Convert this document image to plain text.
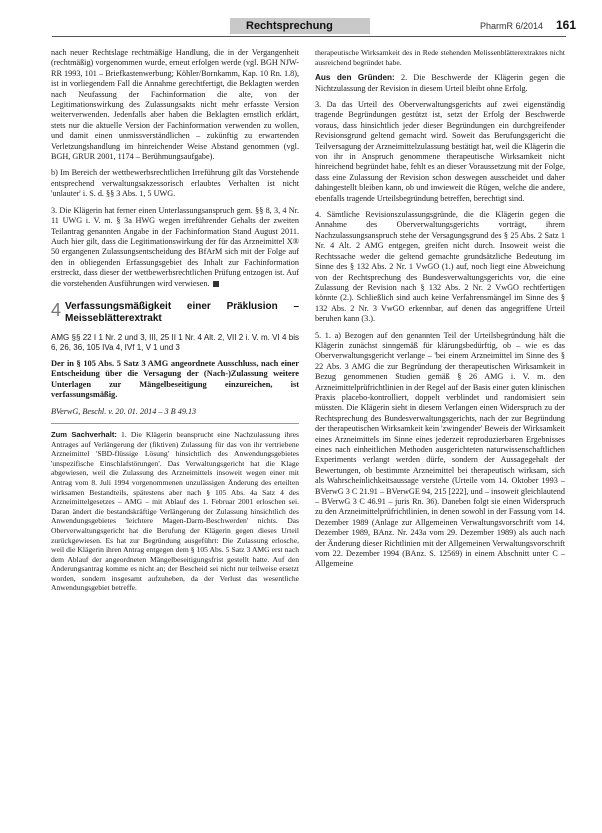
Rechtsprechung	PharmR 6/2014 161

nach neuer Rechtslage rechtmäßige Handlung, die in der Vergangenheit (rechtmäßig) vorgenommen wurde, erneut erfolgen werde (vgl. BGH NJW-RR 1993, 101 – Briefkastenwerbung; Köhler/Bornkamm, Kap. 10 Rn. 1.8), ist in vorliegendem Fall die Annahme gerechtfertigt, die Beklagten werden nach Neufassung der Fachinformation die alte, von der Legitimationswirkung des Zulassungsakts nicht mehr erfasste Version weiterverwenden. Jedenfalls aber haben die Beklagten ernstlich erklärt, stets nur die aktuelle Version der Fachinformation verwenden zu wollen, und damit einen unmissverständlichen – zukünftig zu erwartenden Verletzungshandlung im hinreichender Weise Abstand genommen (vgl. BGH, GRUR 2001, 1174 – Berühmungsaufgabe).

b) Im Bereich der wettbewerbsrechtlichen Irreführung gilt das Vorstehende entsprechend verwaltungsakzessorisch erlaubtes Verhalten ist nicht 'unlauter' i. S. d. §§ 3 Abs. 1, 5 UWG.

3. Die Klägerin hat ferner einen Unterlassungsanspruch gem. §§ 8, 3, 4 Nr. 11 UWG i. V. m. § 3a HWG wegen irreführender Gehalts der zweiten Teilantrag genannten Angabe in der Fachinformation Stand August 2011. Auch hier gilt, dass die Legitimationswirkung der für das Arzneimittel X® 50 ergangenen Zulassungsentscheidung des BfArM sich mit der Folge auf den in obliegenden Erfassungsgebiet des Inhalt zur Fachinformation erstreckt, dass dieser der wettbewerbsrechtlichen Prüfung entzogen ist. Auf die vorstehenden Ausführungen wird verwiesen.

4 Verfassungsmäßigkeit einer Präklusion – Meisseblätterextrakt

AMG §§ 22 I 1 Nr. 2 und 3, III, 25 II 1 Nr. 4 Alt. 2, VII 2 i. V. m. VI 4 bis 6, 26, 36, 105 IVa 4, IVf 1, V 1 und 3

Der in § 105 Abs. 5 Satz 3 AMG angeordnete Ausschluss, nach einer Entscheidung über die Versagung der (Nach-)Zulassung weitere Unterlagen zur Mängelbeseitigung einzureichen, ist verfassungsmäßig.

BVerwG, Beschl. v. 20. 01. 2014 – 3 B 49.13

Zum Sachverhalt: 1. Die Klägerin beansprucht eine Nachzulassung ihres Antrages auf Verlängerung der (fiktiven) Zulassung für das von ihr vertriebene Arzneimittel 'SBD-flüssige Lösung' hinsichtlich des Anwendungsgebietes 'unspezifische Einschlafstörungen'. Das Verwaltungsgericht hat die Klage abgewiesen, weil die Zulassung des Arzneimittels insoweit wegen einer mit Antrag vom 8. Juli 1994 vorgenommenen unzulässigen Änderung des erteilten wirksamen Bestandteils, spätestens aber nach § 105 Abs. 4a Satz 4 des Arzneimittelgesetzes – AMG – mit Ablauf des 1. Februar 2001 erloschen sei. Daran ändert die bestandskräftige Verlängerung der Zulassung hinsichtlich des Anwendungsgebietes 'leichtere Magen-Darm-Beschwerden' nichts. Das Oberverwaltungsgericht hat die Berufung der Klägerin gegen dieses Urteil zurückgewiesen. Es hat zur Begründung ausgeführt: Die Zulassung erlosche, weil die Klägerin ihren Antrag entgegen dem § 105 Abs. 5 Satz 3 AMG erst nach dem Ablauf der angeordneten Mängelbeseitigungsfrist gestellt hatte. Auf den Änderungsantrag komme es nicht an; der Bescheid sei nicht nur teilweise ersetzt worden, sondern insgesamt aufzuheben, da der Verlust das wesentliche Anwendungsgebiet betreffe.

therapeutische Wirksamkeit des in Rede stehenden Melissenblätterextraktes nicht ausreichend begründet habe.

Aus den Gründen: 2. Die Beschwerde der Klägerin gegen die Nichtzulassung der Revision in diesem Urteil bleibt ohne Erfolg.

3. Da das Urteil des Oberverwaltungsgerichts auf zwei eigenständig tragende Begründungen gestützt ist, setzt der Erfolg der Beschwerde voraus, dass hinsichtlich jeder dieser Begründungen ein durchgreifender Revisionsgrund geltend gemacht wird. Soweit das Berufungsgericht die Teilversagung der Arzneimittelzulassung bestätigt hat, weil die Klägerin die von ihr in Anspruch genommene therapeutische Wirksamkeit nicht hinreichend begründet habe, fehlt es an dieser Voraussetzung mit der Folge, dass eine Zulassung der Revision schon deswegen ausscheidet und daher dahingestellt bleiben kann, ob und inwieweit die Rügen, welche die andere, ebenfalls tragende Urteilsbegründung betreffen, berechtigt sind.

4. Sämtliche Revisionszulassungsgründe, die die Klägerin gegen die Annahme des Oberverwaltungsgerichts vorträgt, ihrem Nachzulassungsanspruch stehe der Versagungsgrund des § 25 Abs. 2 Satz 1 Nr. 4 Alt. 2 AMG entgegen, greifen nicht durch. Insoweit weist die Rechtssache weder die geltend gemachte grundsätzliche Bedeutung im Sinne des § 132 Abs. 2 Nr. 1 VwGO (1.) auf, noch liegt eine Abweichung von der Rechtsprechung des Bundesverwaltungsgerichts vor, die eine Zulassung der Revision nach § 132 Abs. 2 Nr. 2 VwGO rechtfertigen könnte (2.). Schließlich sind auch keine Verfahrensmängel im Sinne des § 132 Abs. 2 Nr. 3 VwGO erkennbar, auf denen das angegriffene Urteil beruhen kann (3.).

5. 1. a) Bezogen auf den genannten Teil der Urteilsbegründung hält die Klägerin zunächst sinngemäß für klärungsbedürftig, ob – wie es das Oberverwaltungsgericht verlange – 'bei einem Arzneimittel im Sinne des § 22 Abs. 3 AMG die zur Begründung der therapeutischen Wirksamkeit in Bezug genommenen Studien gemäß § 26 AMG i. V. m. den Arzneimittelprüfrichtlinien in der Regel auf der Basis einer guten klinischen Praxis placebo-kontrolliert, doppelt verblindet und randomisiert sein müssten. Die Klägerin sieht in diesem Verlangen einen Widerspruch zu der Rechtsprechung des Bundesverwaltungsgerichts, nach der zur Begründung der therapeutischen Wirksamkeit kein 'zwingender' Beweis der Wirksamkeit eines Arzneimittels im Sinne eines jederzeit reproduzierbaren Ergebnisses eines nach einheitlichen Methoden ausgerichteten naturwissenschaftlichen Experiments verlangt werden dürfe, sondern der Aussagegehalt der Bewertungen, ob bestimmte Arzneimittel bei therapeutisch wirksam, sich als Wahrscheinlichkeitsaussage verstehe (Urteile vom 14. Oktober 1993 – BVerwG 3 C 21.91 – BVerwGE 94, 215 [222], und – insoweit gleichlautend – BVerwG 3 C 46.91 – juris Rn. 36). Daneben folgt sie einen Widerspruch zu den Arzneimittelprüfrichtlinien, in denen sowohl in der Fassung vom 14. Dezember 1989 (Anlage zur Allgemeinen Verwaltungsvorschrift vom 14. Dezember 1989, BAnz. Nr. 243a vom 29. Dezember 1989) als auch nach der Änderung dieser Richtlinien mit der Allgemeinen Verwaltungsvorschrift vom 22. Dezember 1994 (BAnz. S. 12569) in einem Abschnitt unter C – Allgemeine
